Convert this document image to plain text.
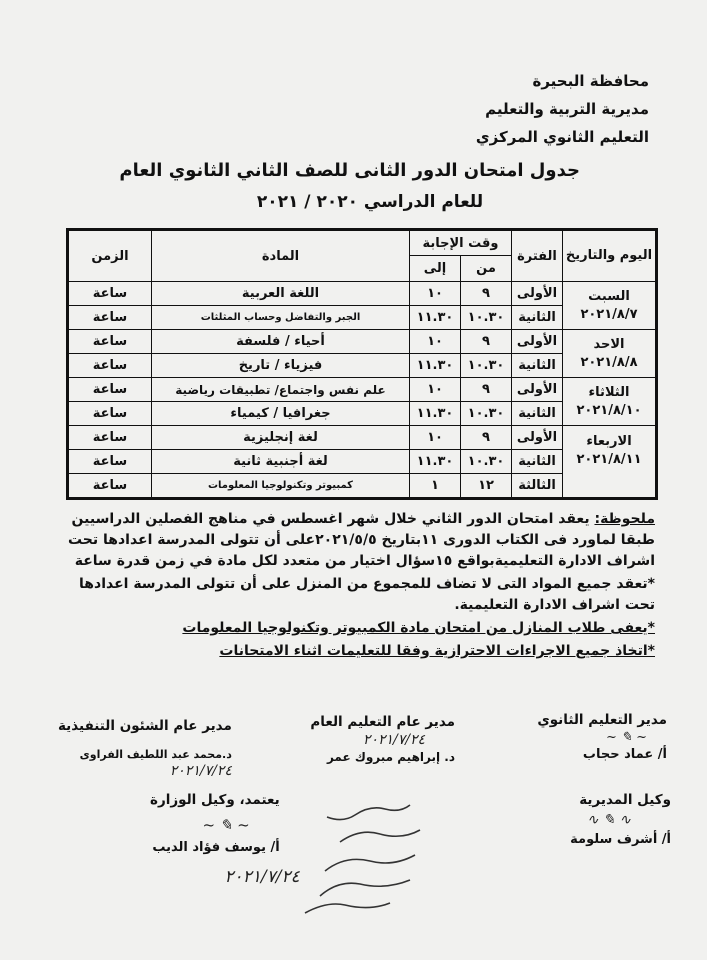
محافظة البحيرة
مديرية التربية والتعليم
التعليم الثانوي المركزي
جدول امتحان الدور الثانى للصف الثاني الثانوي العام
للعام الدراسي ٢٠٢٠ / ٢٠٢١
اليوم والتاريخ	الفترة	وقت الإجابة		المادة	الزمن
		من	إلى		

السبت
٢٠٢١/٨/٧	الأولى	٩	١٠	اللغة العربية	ساعة
	الثانية	١٠.٣٠	١١.٣٠	الجبر والتفاضل وحساب المثلثات	ساعة

الاحد
٢٠٢١/٨/٨	الأولى	٩	١٠	أحياء / فلسفة	ساعة
	الثانية	١٠.٣٠	١١.٣٠	فيزياء / تاريخ	ساعة

الثلاثاء
٢٠٢١/٨/١٠	الأولى	٩	١٠	علم نفس واجتماع/ تطبيقات رياضية	ساعة
	الثانية	١٠.٣٠	١١.٣٠	جغرافيا / كيمياء	ساعة

الاربعاء
٢٠٢١/٨/١١	الأولى	٩	١٠	لغة إنجليزية	ساعة
	الثانية	١٠.٣٠	١١.٣٠	لغة أجنبية ثانية	ساعة
	الثالثة	١٢	١	كمبيوتر وتكنولوجيا المعلومات	ساعة

ملحوظة: يعقد امتحان الدور الثاني خلال شهر اغسطس في مناهج الفصلين الدراسيين طبقا لماورد فى الكتاب الدورى ١١بتاريخ ٢٠٢١/٥/٥على أن تتولى المدرسة اعدادها تحت اشراف الادارة التعليميةبواقع ١٥سؤال اختيار من متعدد لكل مادة في زمن قدرة ساعة

*تعقد جميع المواد التى لا تضاف للمجموع من المنزل على أن تتولى المدرسة اعدادها تحت اشراف الادارة التعليمية.

*يعفى طلاب المنازل من امتحان مادة الكمبيوتر وتكنولوجيا المعلومات

*اتخاذ جميع الاجراءات الاحترازية وفقا للتعليمات اثناء الامتحانات

مدير التعليم الثانوي
~ ✎ ~
أ/ عماد حجاب
مدير عام التعليم العام
٢٠٢١/٧/٢٤
د. إبراهيم مبروك عمر
مدير عام الشئون التنفيذية
د.محمد عبد اللطيف الفراوى
٢٠٢١/٧/٢٤
وكيل المديرية
∿ ✎ ∿
أ/ أشرف سلومة
يعتمد، وكيل الوزارة
~ ✎ ~
أ/ يوسف فؤاد الديب
٢٠٢١/٧/٢٤
